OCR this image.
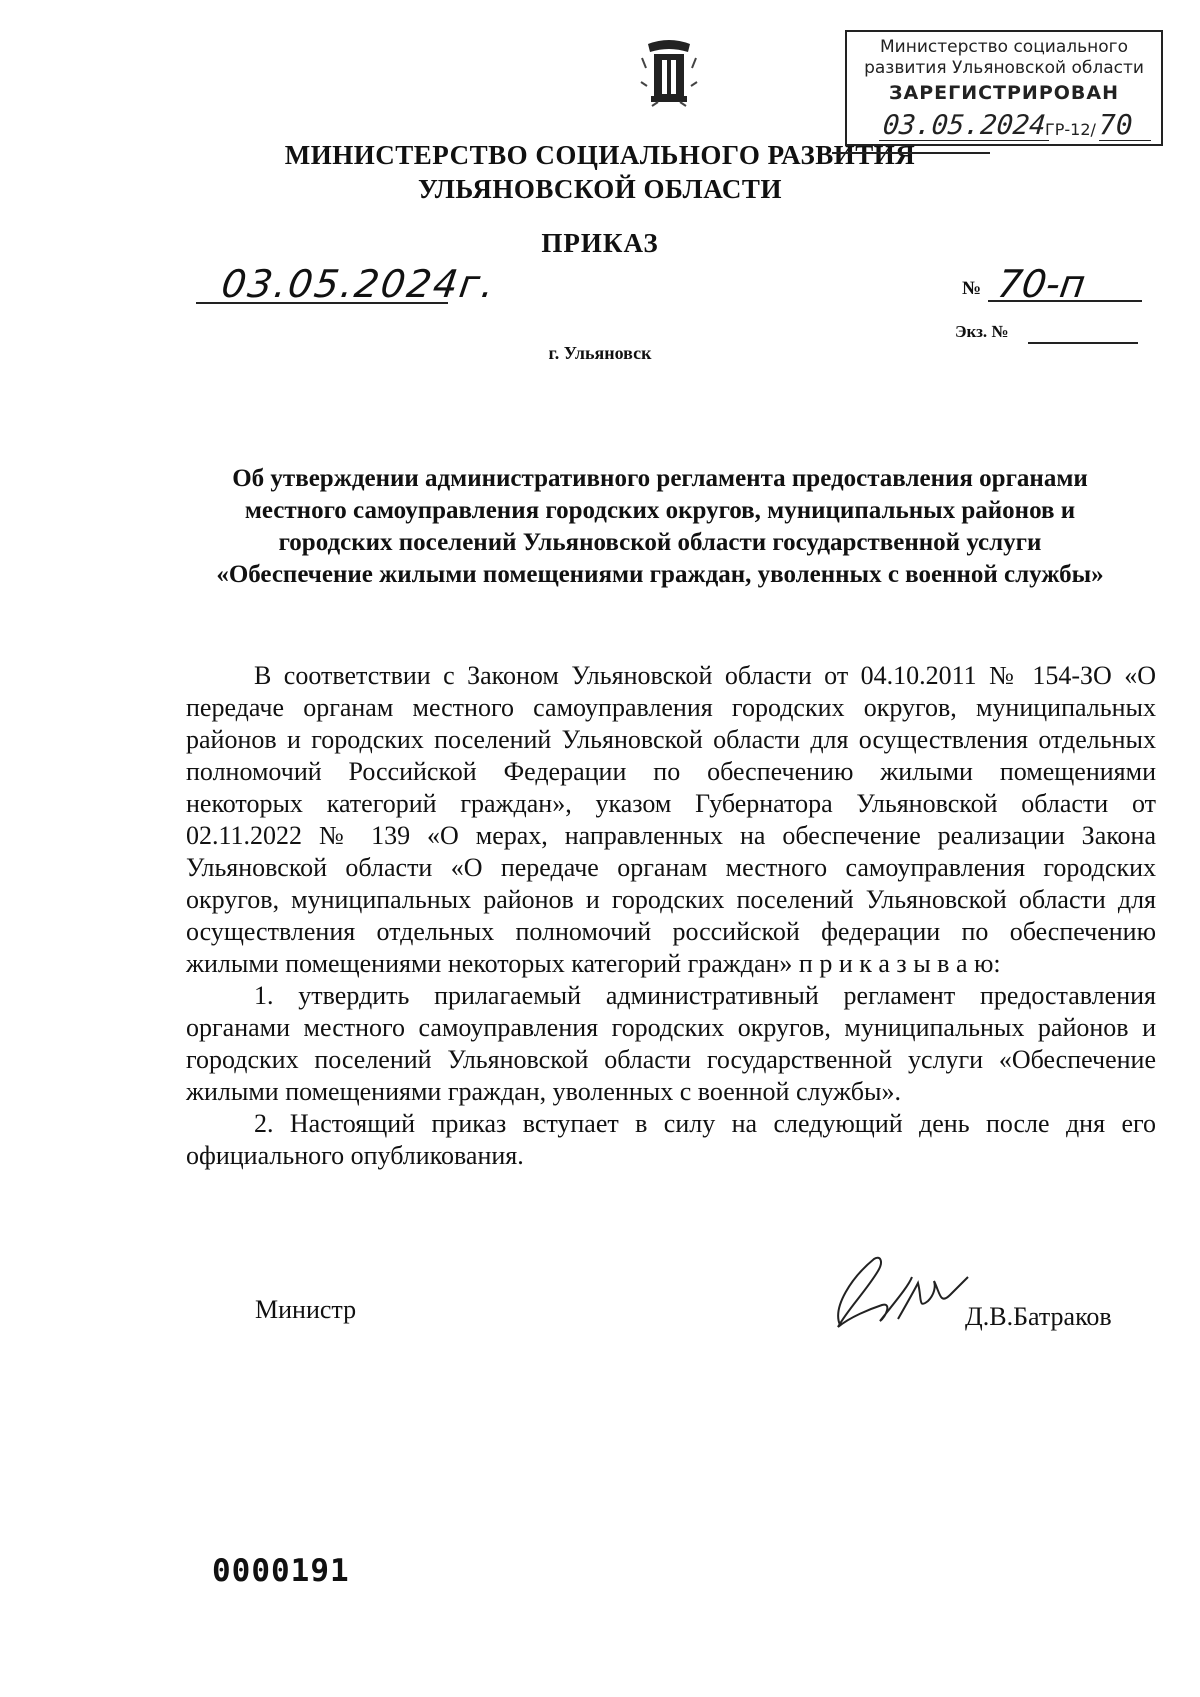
Министерство социального
развития Ульяновской области
ЗАРЕГИСТРИРОВАН
03.05.2024
ГР-12/ 70
МИНИСТЕРСТВО СОЦИАЛЬНОГО РАЗВИТИЯ
УЛЬЯНОВСКОЙ ОБЛАСТИ
ПРИКАЗ
03.05.2024г.	№ 70-п
Экз. №
г. Ульяновск
Об утверждении административного регламента предоставления органами местного самоуправления городских округов, муниципальных районов и городских поселений Ульяновской области государственной услуги «Обеспечение жилыми помещениями граждан, уволенных с военной службы»

В соответствии с Законом Ульяновской области от 04.10.2011 № 154-ЗО «О передаче органам местного самоуправления городских округов, муниципальных районов и городских поселений Ульяновской области для осуществления отдельных полномочий Российской Федерации по обеспечению жилыми помещениями некоторых категорий граждан», указом Губернатора Ульяновской области от 02.11.2022 № 139 «О мерах, направленных на обеспечение реализации Закона Ульяновской области «О передаче органам местного самоуправления городских округов, муниципальных районов и городских поселений Ульяновской области для осуществления отдельных полномочий российской федерации по обеспечению жилыми помещениями некоторых категорий граждан» п р и к а з ы в а ю:

1. утвердить прилагаемый административный регламент предоставления органами местного самоуправления городских округов, муниципальных районов и городских поселений Ульяновской области государственной услуги «Обеспечение жилыми помещениями граждан, уволенных с военной службы».

2. Настоящий приказ вступает в силу на следующий день после дня его официального опубликования.

Министр	Д.В.Батраков
0000191
